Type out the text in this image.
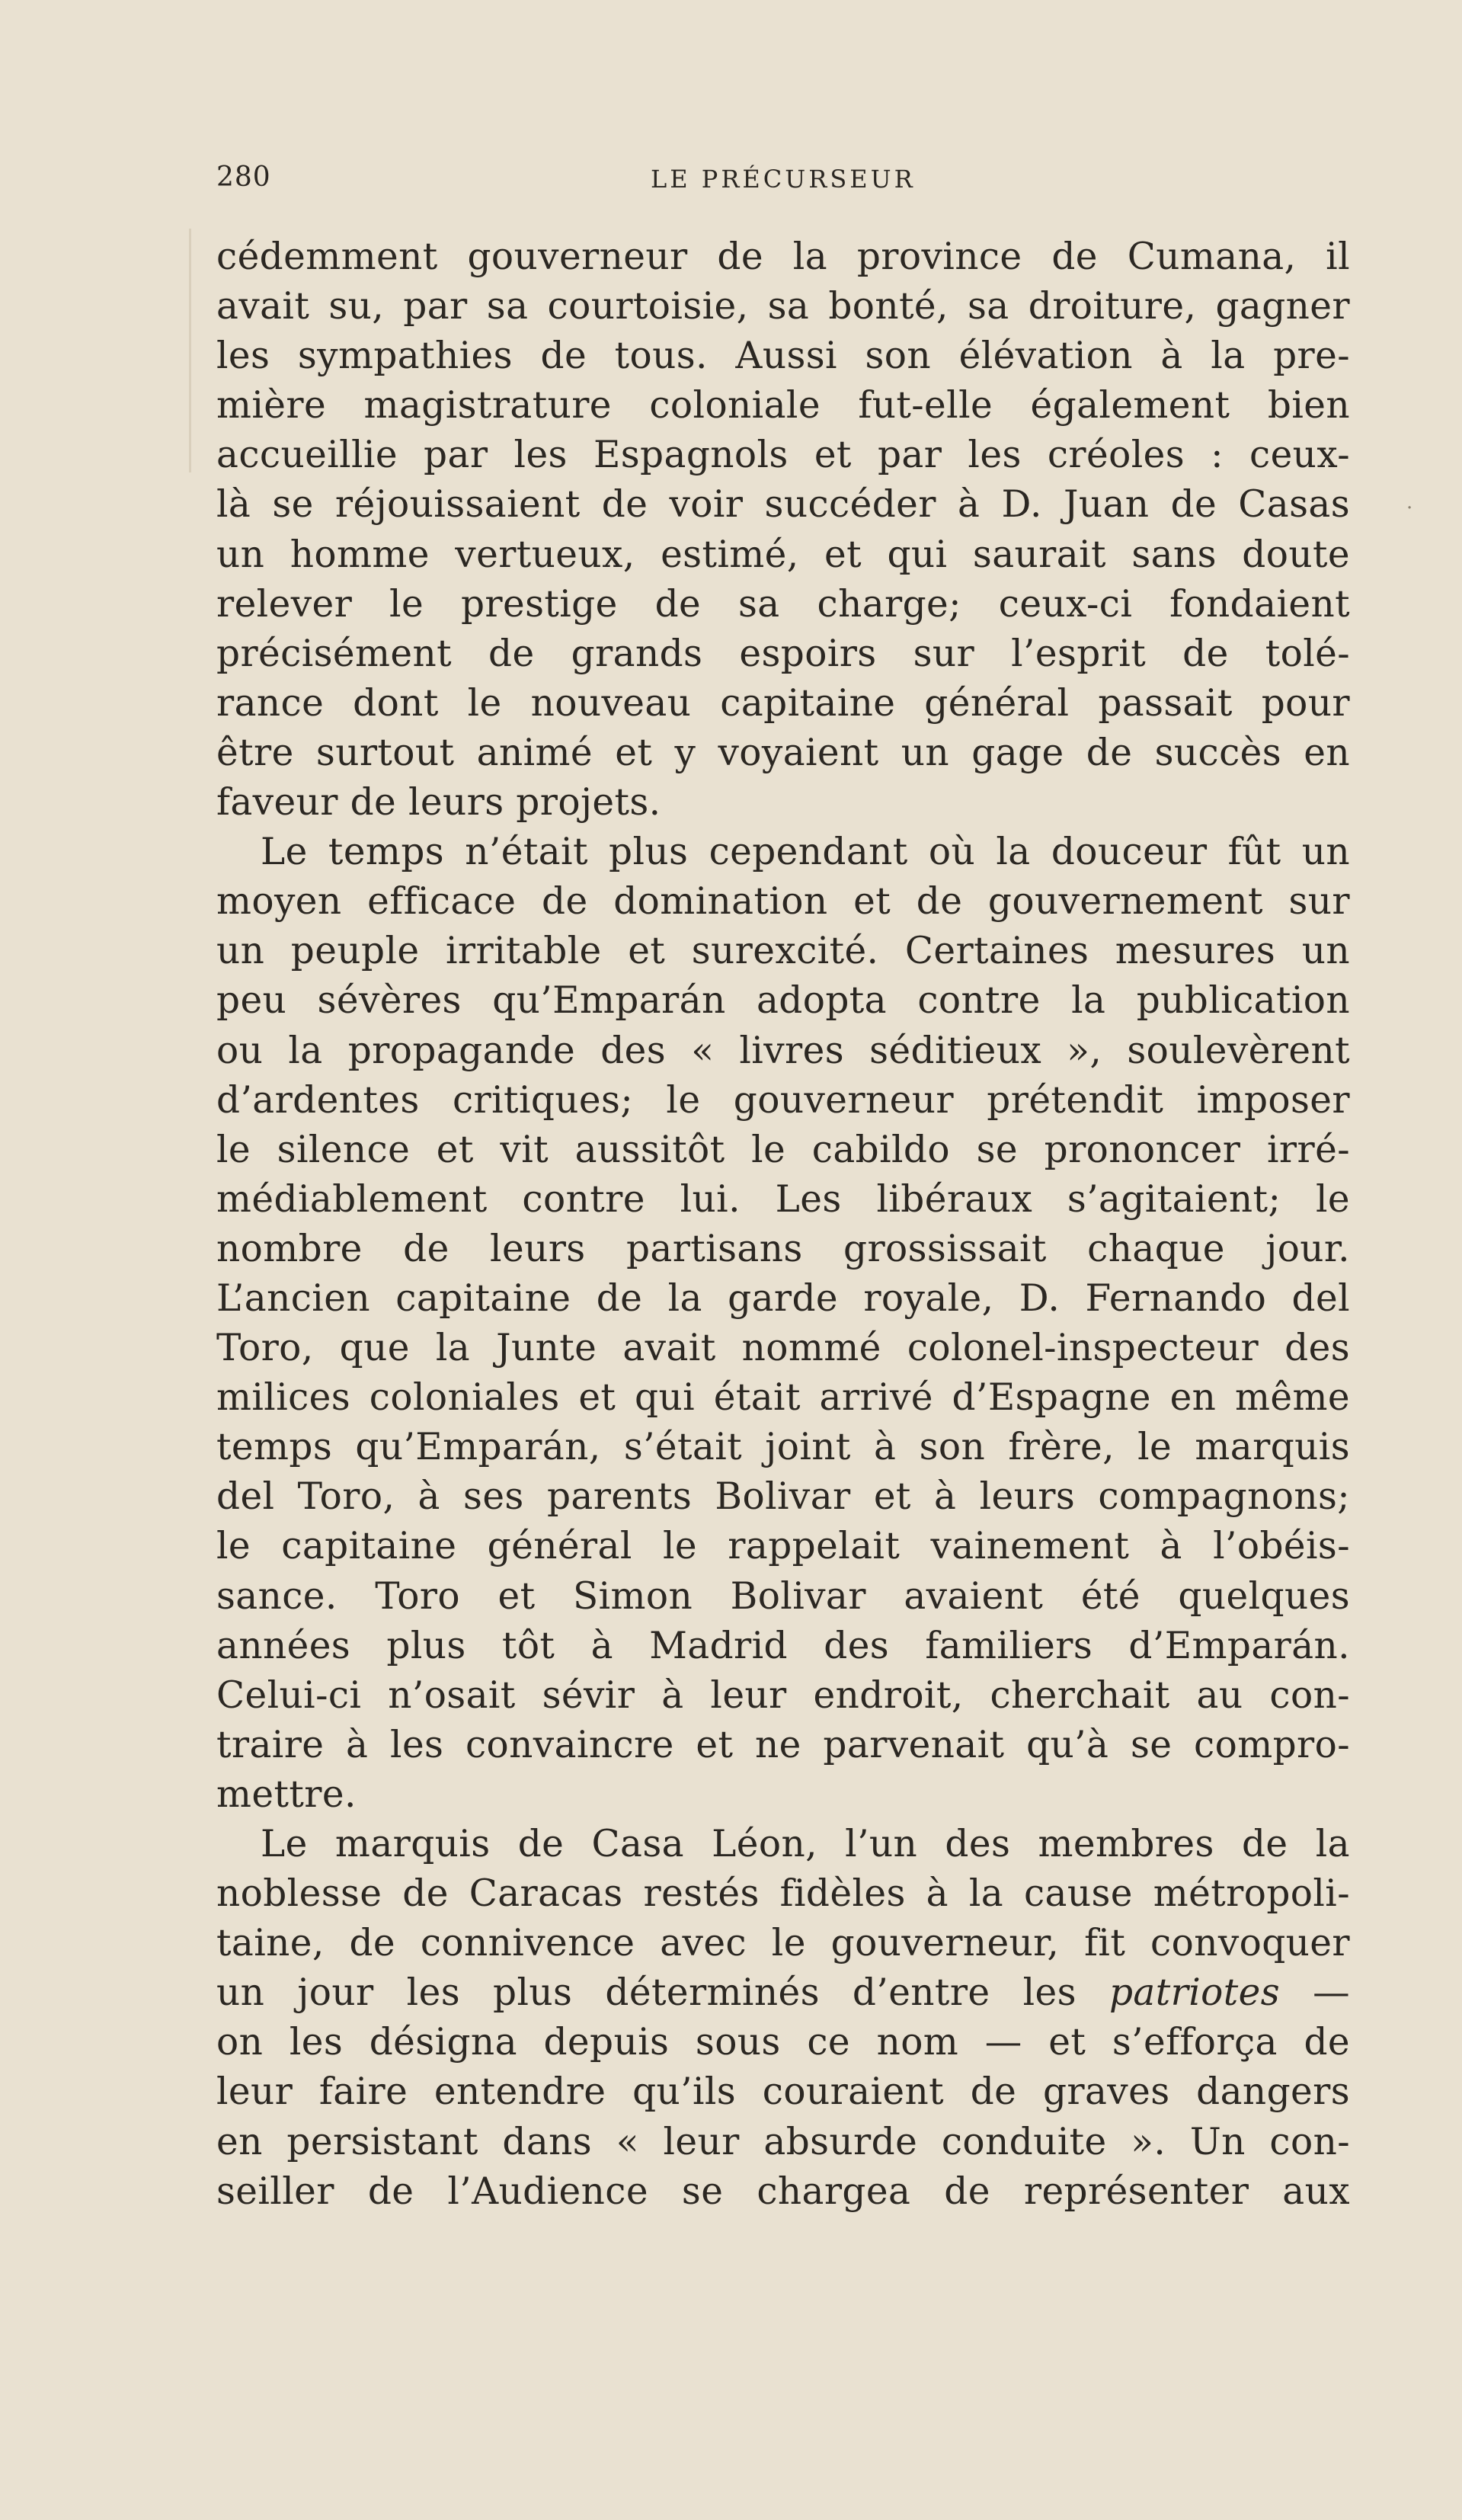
·
280	LE PRÉCURSEUR
cédemment gouverneur de la province de Cumana, il
avait su, par sa courtoisie, sa bonté, sa droiture, gagner
les sympathies de tous. Aussi son élévation à la pre-
mière magistrature coloniale fut-elle également bien
accueillie par les Espagnols et par les créoles : ceux-
là se réjouissaient de voir succéder à D. Juan de Casas
un homme vertueux, estimé, et qui saurait sans doute
relever le prestige de sa charge; ceux-ci fondaient
précisément de grands espoirs sur l’esprit de tolé-
rance dont le nouveau capitaine général passait pour
être surtout animé et y voyaient un gage de succès en
faveur de leurs projets.
Le temps n’était plus cependant où la douceur fût un
moyen efficace de domination et de gouvernement sur
un peuple irritable et surexcité. Certaines mesures un
peu sévères qu’Emparán adopta contre la publication
ou la propagande des « livres séditieux », soulevèrent
d’ardentes critiques; le gouverneur prétendit imposer
le silence et vit aussitôt le cabildo se prononcer irré-
médiablement contre lui. Les libéraux s’agitaient; le
nombre de leurs partisans grossissait chaque jour.
L’ancien capitaine de la garde royale, D. Fernando del
Toro, que la Junte avait nommé colonel-inspecteur des
milices coloniales et qui était arrivé d’Espagne en même
temps qu’Emparán, s’était joint à son frère, le marquis
del Toro, à ses parents Bolivar et à leurs compagnons;
le capitaine général le rappelait vainement à l’obéis-
sance. Toro et Simon Bolivar avaient été quelques
années plus tôt à Madrid des familiers d’Emparán.
Celui-ci n’osait sévir à leur endroit, cherchait au con-
traire à les convaincre et ne parvenait qu’à se compro-
mettre.
Le marquis de Casa Léon, l’un des membres de la
noblesse de Caracas restés fidèles à la cause métropoli-
taine, de connivence avec le gouverneur, fit convoquer
un jour les plus déterminés d’entre les patriotes —
on les désigna depuis sous ce nom — et s’efforça de
leur faire entendre qu’ils couraient de graves dangers
en persistant dans « leur absurde conduite ». Un con-
seiller de l’Audience se chargea de représenter aux
